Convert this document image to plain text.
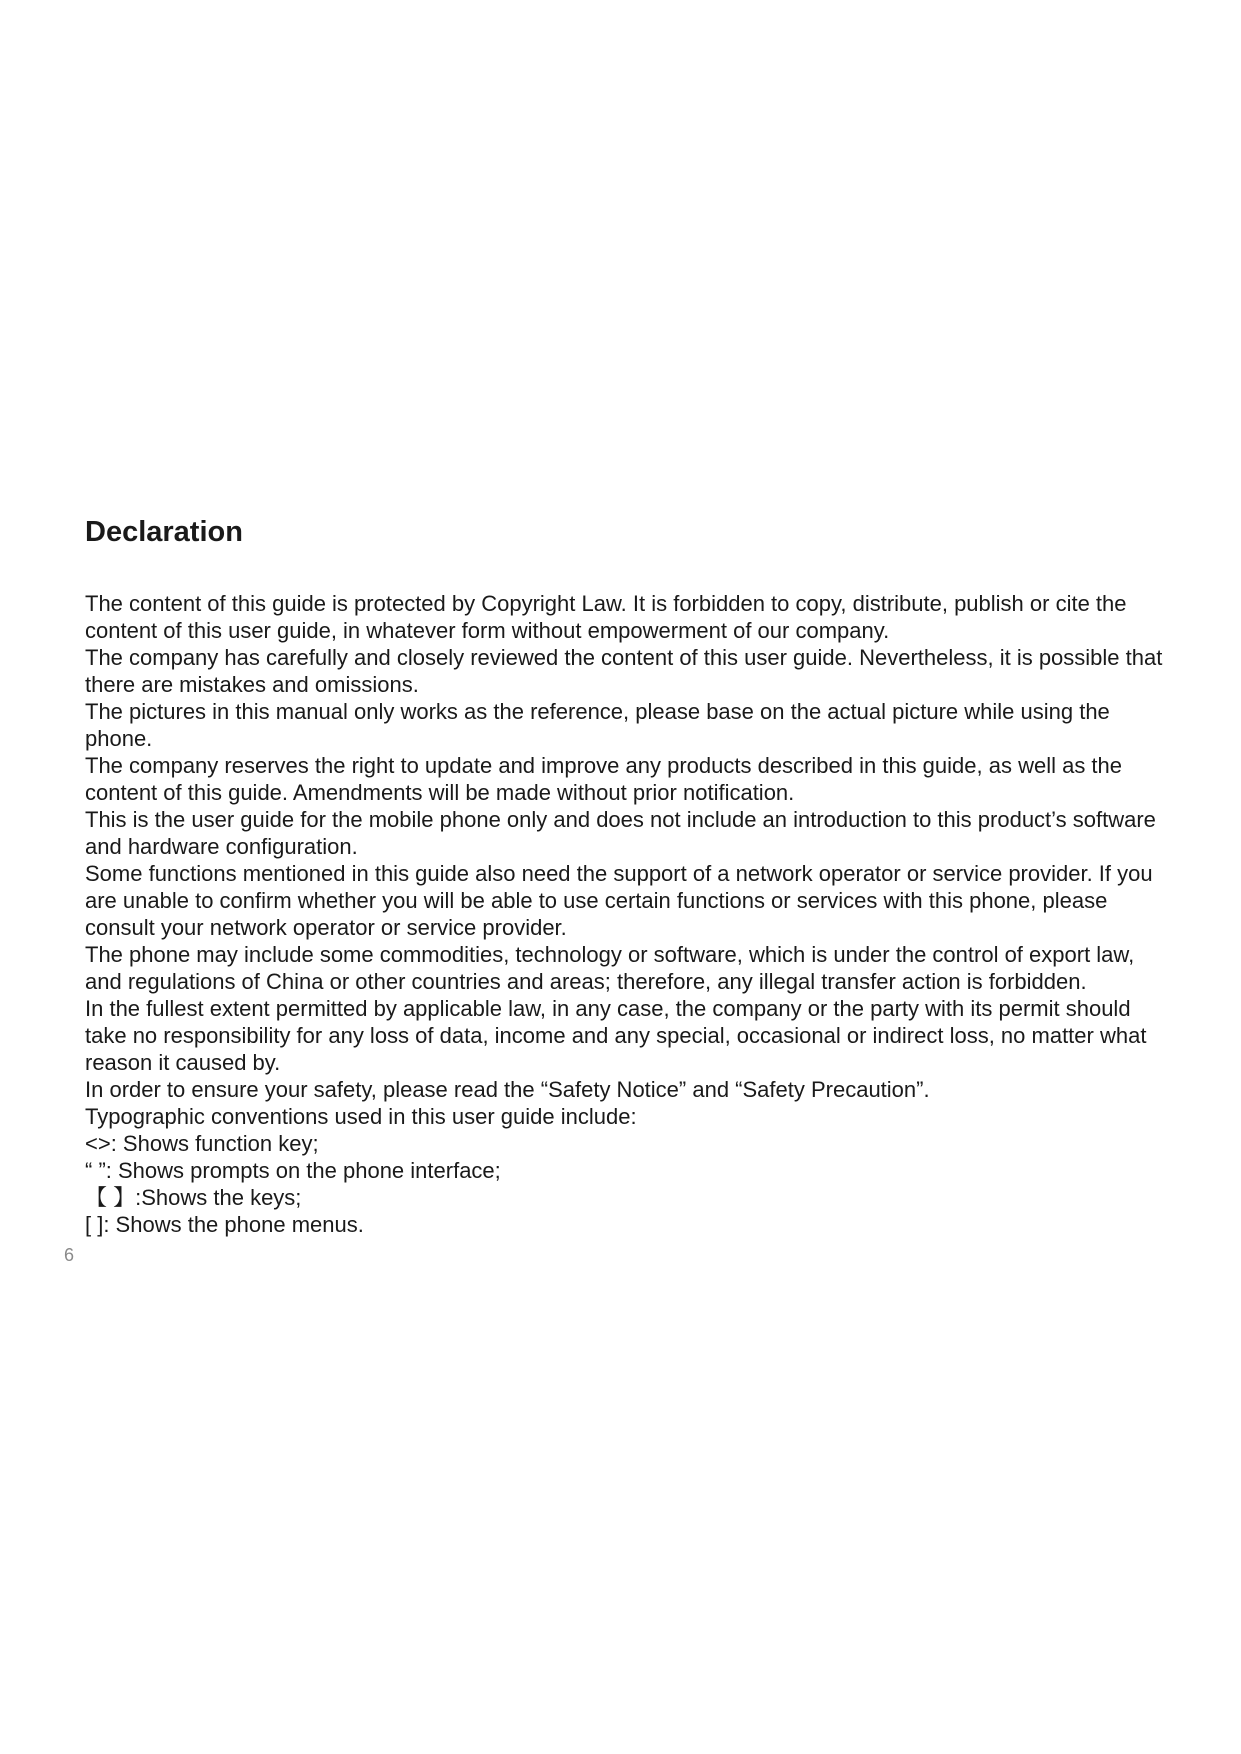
Declaration

The content of this guide is protected by Copyright Law. It is forbidden to copy, distribute, publish or cite the content of this user guide, in whatever form without empowerment of our company.

The company has carefully and closely reviewed the content of this user guide. Nevertheless, it is possible that there are mistakes and omissions.

The pictures in this manual only works as the reference, please base on the actual picture while using the phone.

The company reserves the right to update and improve any products described in this guide, as well as the content of this guide. Amendments will be made without prior notification.

This is the user guide for the mobile phone only and does not include an introduction to this product’s software and hardware configuration.

Some functions mentioned in this guide also need the support of a network operator or service provider. If you are unable to confirm whether you will be able to use certain functions or services with this phone, please consult your network operator or service provider.

The phone may include some commodities, technology or software, which is under the control of export law, and regulations of China or other countries and areas; therefore, any illegal transfer action is forbidden.

In the fullest extent permitted by applicable law, in any case, the company or the party with its permit should take no responsibility for any loss of data, income and any special, occasional or indirect loss, no matter what reason it caused by.

In order to ensure your safety, please read the “Safety Notice” and “Safety Precaution”.

Typographic conventions used in this user guide include:

<>: Shows function key;

“ ”: Shows prompts on the phone interface;

【 】:Shows the keys;

[ ]: Shows the phone menus.

6
